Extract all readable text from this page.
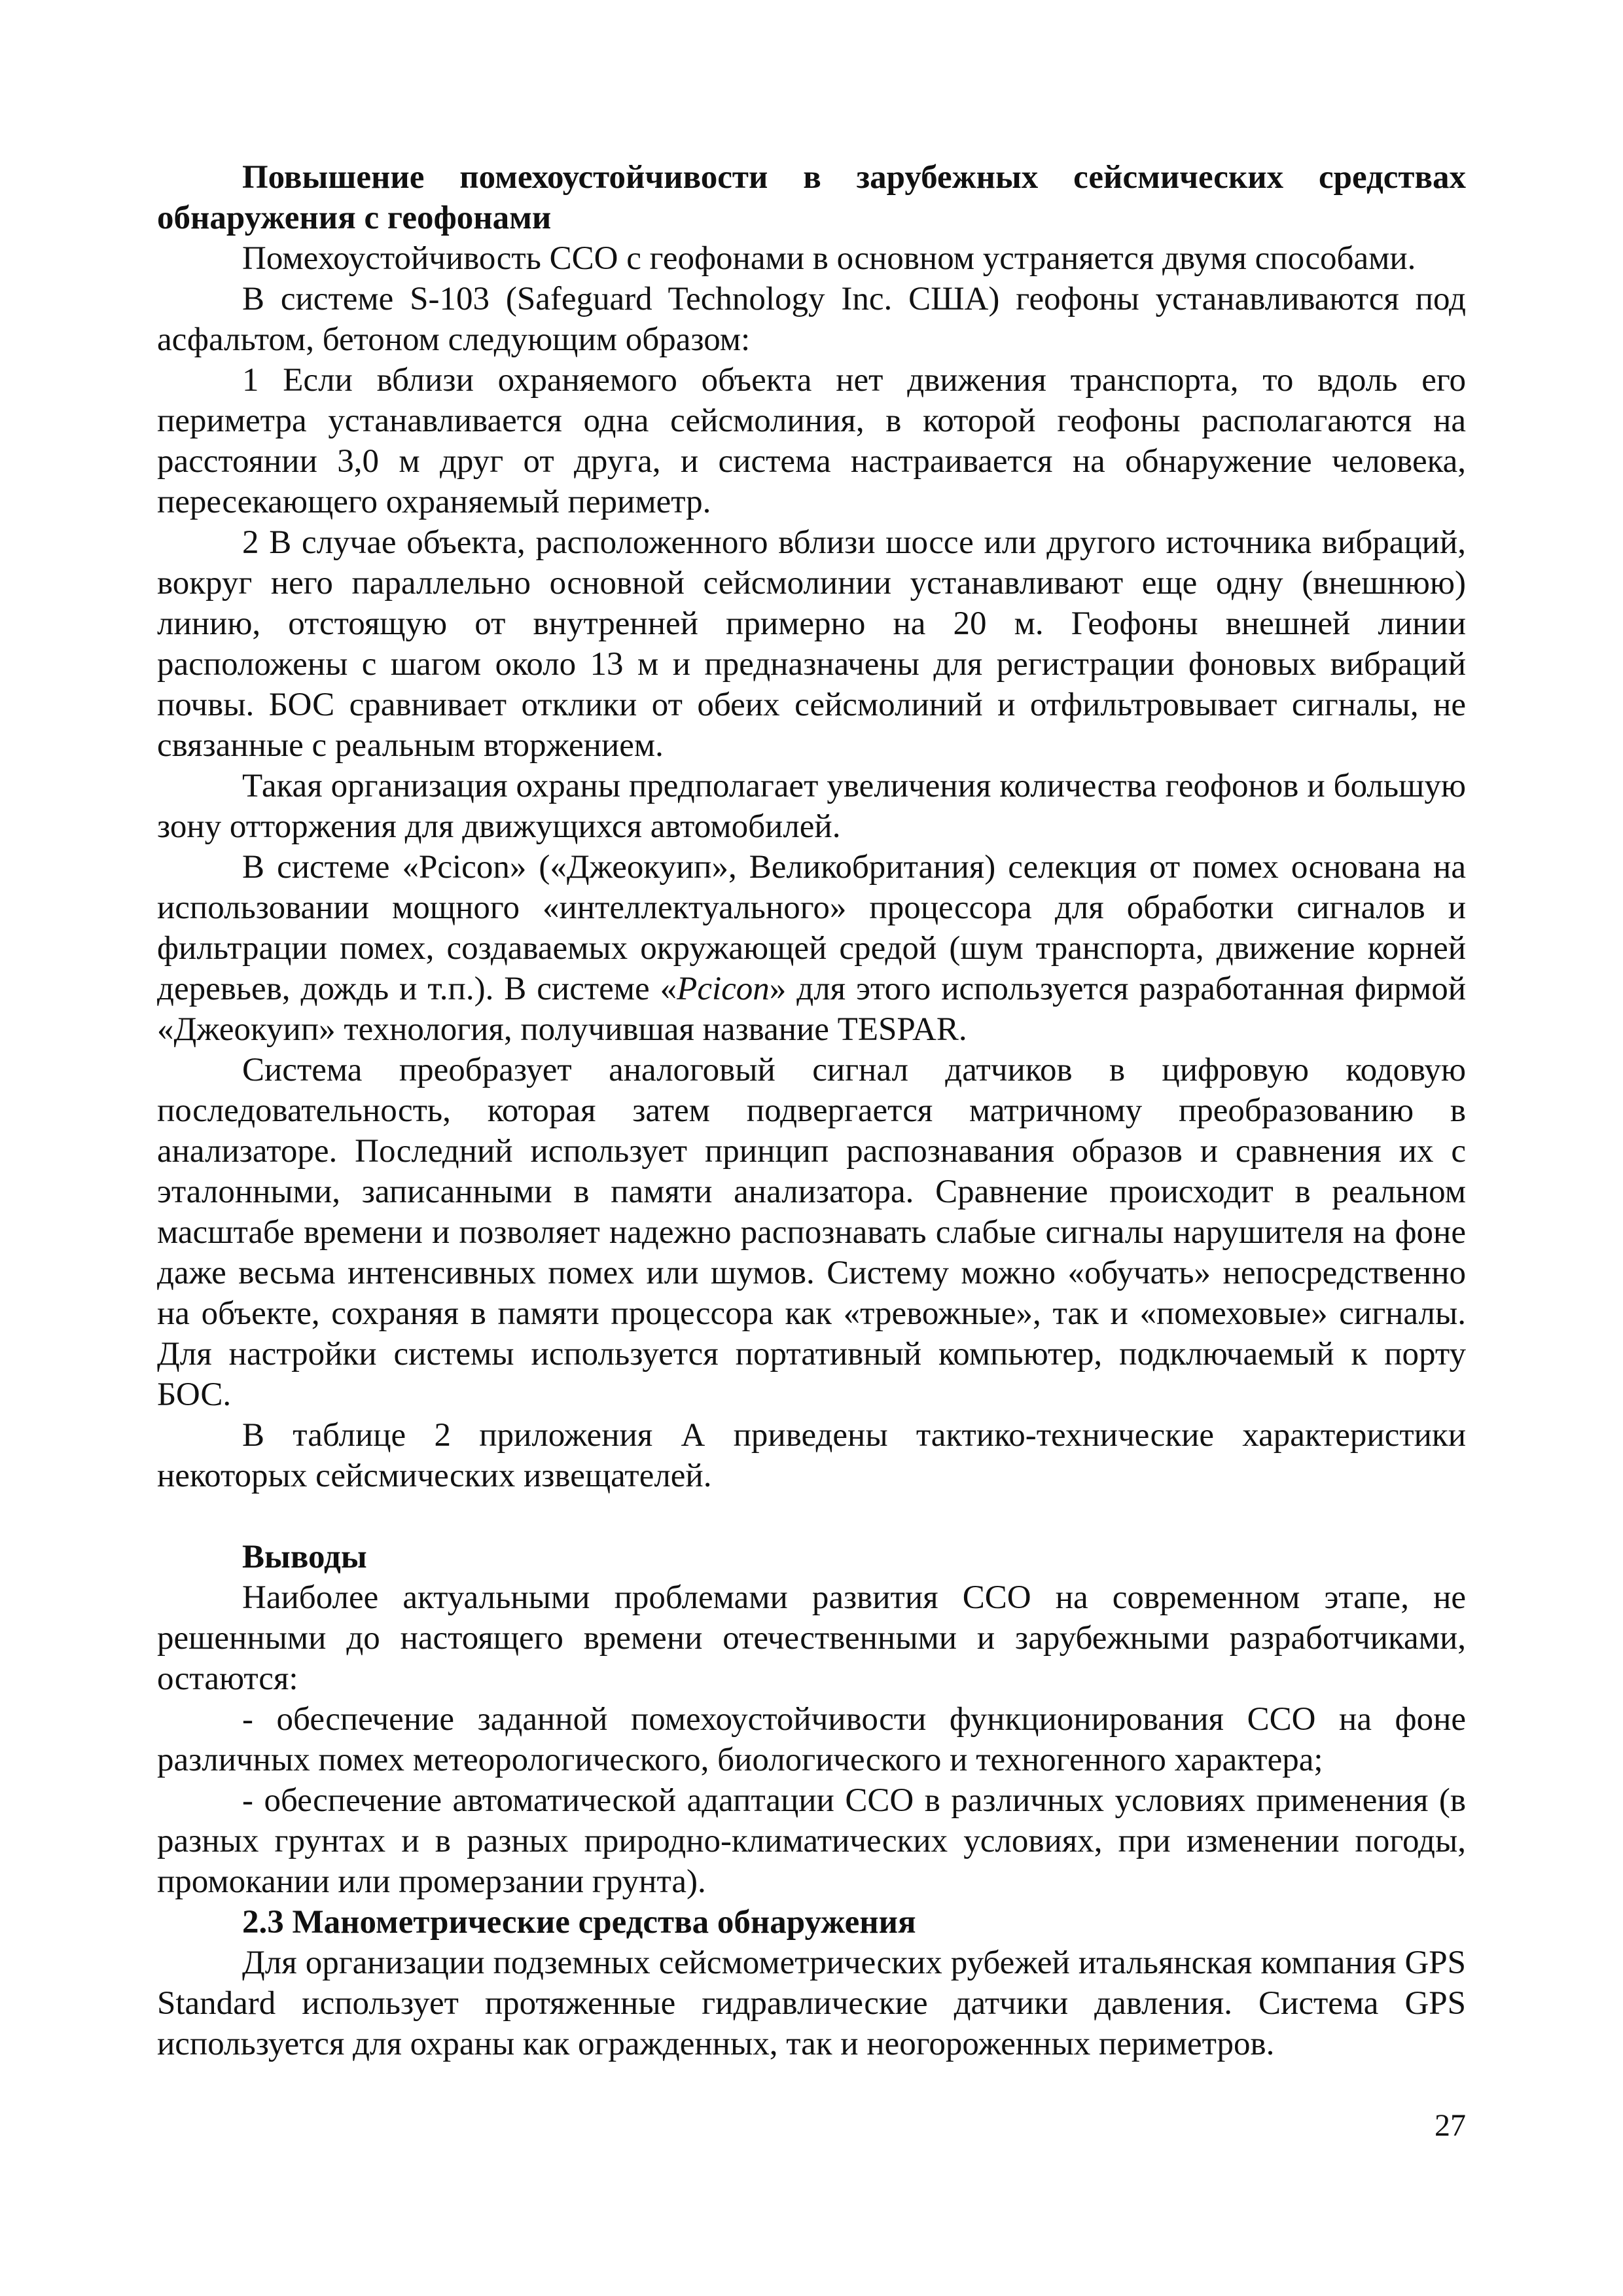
Повышение помехоустойчивости в зарубежных сейсмических средствах обнаружения с геофонами

Помехоустойчивость ССО с геофонами в основном устраняется двумя способами.

В системе S-103 (Safeguard Technology Inc. США) геофоны устанавливаются под асфальтом, бетоном следующим образом:

1 Если вблизи охраняемого объекта нет движения транспорта, то вдоль его периметра устанавливается одна сейсмолиния, в которой геофоны располагаются на расстоянии 3,0 м друг от друга, и система настраивается на обнаружение человека, пересекающего охраняемый периметр.

2 В случае объекта, расположенного вблизи шоссе или другого источника вибраций, вокруг него параллельно основной сейсмолинии устанавливают еще одну (внешнюю) линию, отстоящую от внутренней примерно на 20 м. Геофоны внешней линии расположены с шагом около 13 м и предназначены для регистрации фоновых вибраций почвы. БОС сравнивает отклики от обеих сейсмолиний и отфильтровывает сигналы, не связанные с реальным вторжением.

Такая организация охраны предполагает увеличения количества геофонов и большую зону отторжения для движущихся автомобилей.

В системе «Pcicon» («Джеокуип», Великобритания) селекция от помех основана на использовании мощного «интеллектуального» процессора для обработки сигналов и фильтрации помех, создаваемых окружающей средой (шум транспорта, движение корней деревьев, дождь и т.п.). В системе «Pcicon» для этого используется разработанная фирмой «Джеокуип» технология, получившая название TESPAR.

Система преобразует аналоговый сигнал датчиков в цифровую кодовую последовательность, которая затем подвергается матричному преобразованию в анализаторе. Последний использует принцип распознавания образов и сравнения их с эталонными, записанными в памяти анализатора. Сравнение происходит в реальном масштабе времени и позволяет надежно распознавать слабые сигналы нарушителя на фоне даже весьма интенсивных помех или шумов. Систему можно «обучать» непосредственно на объекте, сохраняя в памяти процессора как «тревожные», так и «помеховые» сигналы. Для настройки системы используется портативный компьютер, подключаемый к порту БОС.

В таблице 2 приложения А приведены тактико-технические характеристики некоторых сейсмических извещателей.

Выводы

Наиболее актуальными проблемами развития ССО на современном этапе, не решенными до настоящего времени отечественными и зарубежными разработчиками, остаются:

- обеспечение заданной помехоустойчивости функционирования ССО на фоне различных помех метеорологического, биологического и техногенного характера;

- обеспечение автоматической адаптации ССО в различных условиях применения (в разных грунтах и в разных природно-климатических условиях, при изменении погоды, промокании или промерзании грунта).

2.3 Манометрические средства обнаружения

Для организации подземных сейсмометрических рубежей итальянская компания GPS Standard использует протяженные гидравлические датчики давления. Система GPS используется для охраны как огражденных, так и неогороженных периметров.

27
